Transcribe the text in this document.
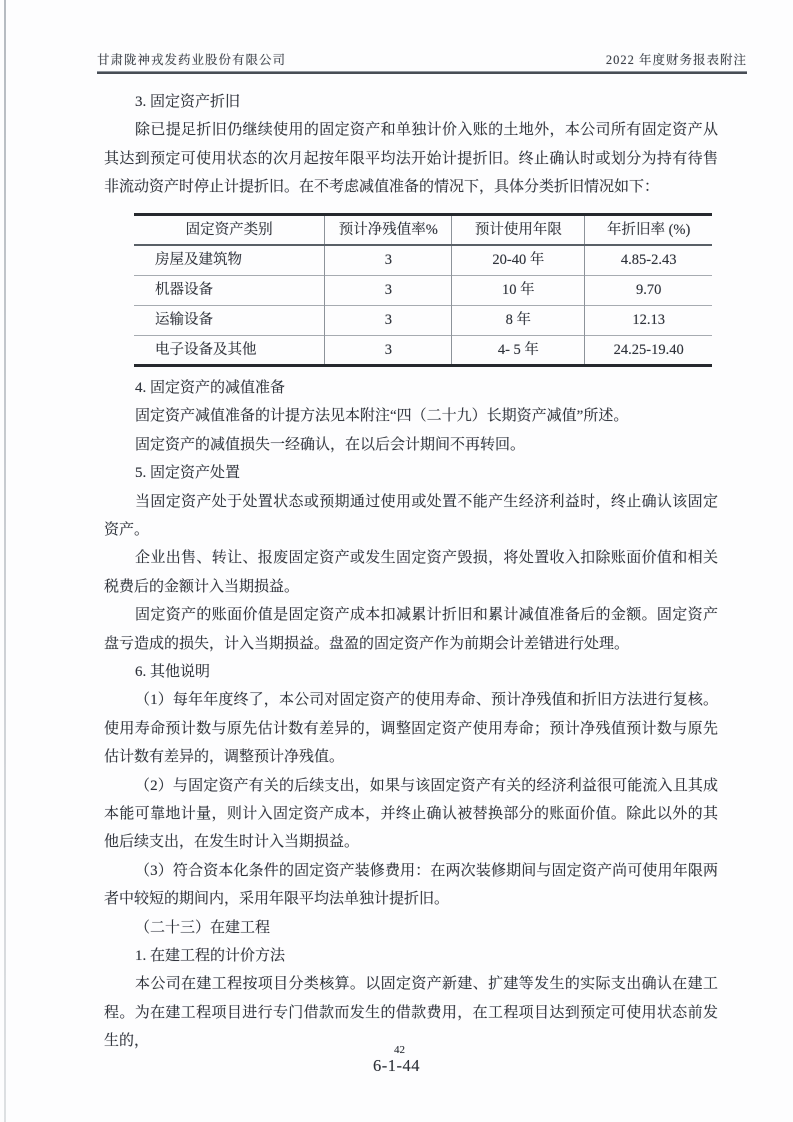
甘肃陇神戎发药业股份有限公司	2022 年度财务报表附注
3. 固定资产折旧

除已提足折旧仍继续使用的固定资产和单独计价入账的土地外，本公司所有固定资产从其达到预定可使用状态的次月起按年限平均法开始计提折旧。终止确认时或划分为持有待售非流动资产时停止计提折旧。在不考虑减值准备的情况下，具体分类折旧情况如下：

固定资产类别	预计净残值率%	预计使用年限	年折旧率 (%)
房屋及建筑物	3	20-40 年	4.85-2.43
机器设备	3	10 年	9.70
运输设备	3	8 年	12.13
电子设备及其他	3	4- 5 年	24.25-19.40
4. 固定资产的减值准备

固定资产减值准备的计提方法见本附注“四（二十九）长期资产减值”所述。

固定资产的减值损失一经确认，在以后会计期间不再转回。

5. 固定资产处置

当固定资产处于处置状态或预期通过使用或处置不能产生经济利益时，终止确认该固定资产。

企业出售、转让、报废固定资产或发生固定资产毁损，将处置收入扣除账面价值和相关税费后的金额计入当期损益。

固定资产的账面价值是固定资产成本扣减累计折旧和累计减值准备后的金额。固定资产盘亏造成的损失，计入当期损益。盘盈的固定资产作为前期会计差错进行处理。

6. 其他说明

（1）每年年度终了，本公司对固定资产的使用寿命、预计净残值和折旧方法进行复核。使用寿命预计数与原先估计数有差异的，调整固定资产使用寿命；预计净残值预计数与原先估计数有差异的，调整预计净残值。

（2）与固定资产有关的后续支出，如果与该固定资产有关的经济利益很可能流入且其成本能可靠地计量，则计入固定资产成本，并终止确认被替换部分的账面价值。除此以外的其他后续支出，在发生时计入当期损益。

（3）符合资本化条件的固定资产装修费用：在两次装修期间与固定资产尚可使用年限两者中较短的期间内，采用年限平均法单独计提折旧。

（二十三）在建工程
1. 在建工程的计价方法

本公司在建工程按项目分类核算。以固定资产新建、扩建等发生的实际支出确认在建工程。为在建工程项目进行专门借款而发生的借款费用，在工程项目达到预定可使用状态前发生的，

42
6-1-44
